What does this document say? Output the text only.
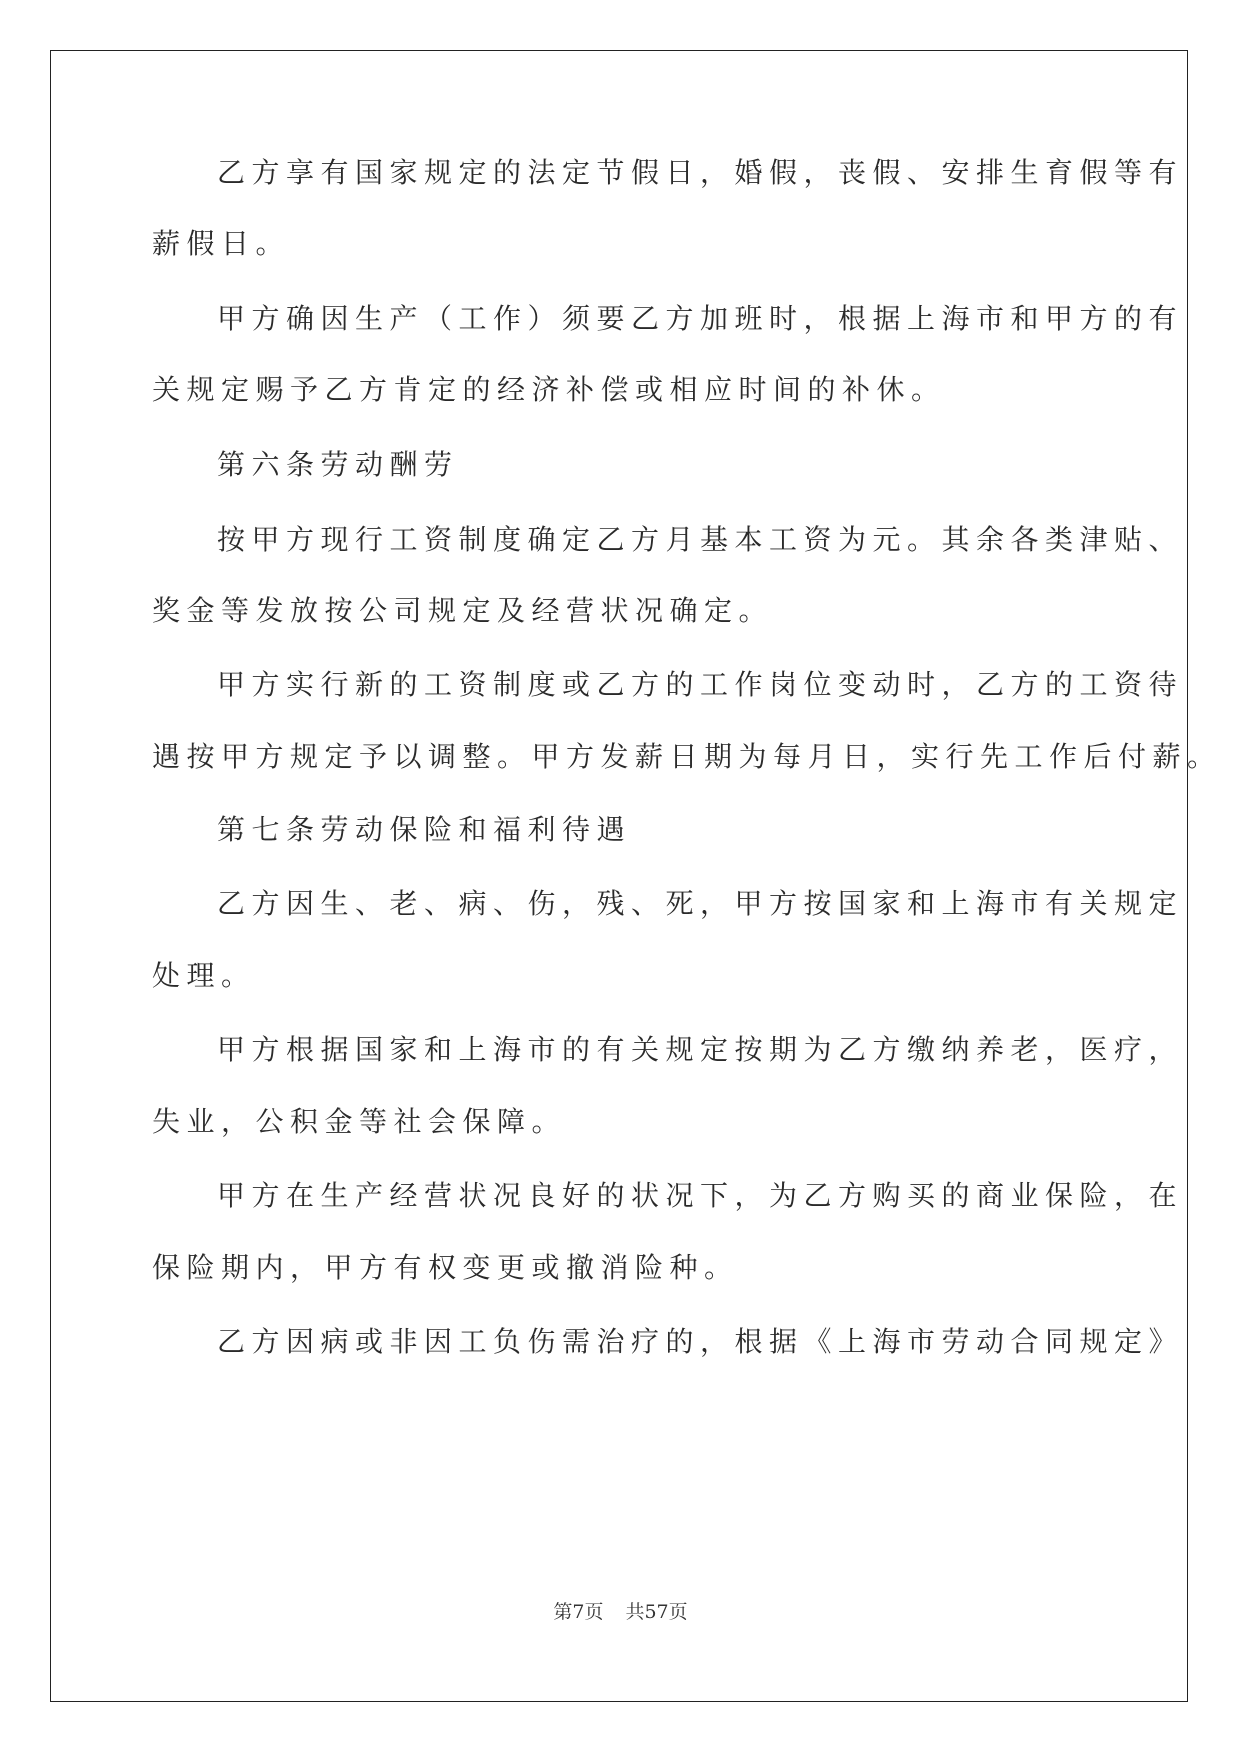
乙方享有国家规定的法定节假日，婚假，丧假、安排生育假等有
薪假日。
甲方确因生产（工作）须要乙方加班时，根据上海市和甲方的有
关规定赐予乙方肯定的经济补偿或相应时间的补休。
第六条劳动酬劳
按甲方现行工资制度确定乙方月基本工资为元。其余各类津贴、
奖金等发放按公司规定及经营状况确定。
甲方实行新的工资制度或乙方的工作岗位变动时，乙方的工资待
遇按甲方规定予以调整。甲方发薪日期为每月日，实行先工作后付薪。
第七条劳动保险和福利待遇
乙方因生、老、病、伤，残、死，甲方按国家和上海市有关规定
处理。
甲方根据国家和上海市的有关规定按期为乙方缴纳养老，医疗，
失业，公积金等社会保障。
甲方在生产经营状况良好的状况下，为乙方购买的商业保险，在
保险期内，甲方有权变更或撤消险种。
乙方因病或非因工负伤需治疗的，根据《上海市劳动合同规定》
第7页 共57页
